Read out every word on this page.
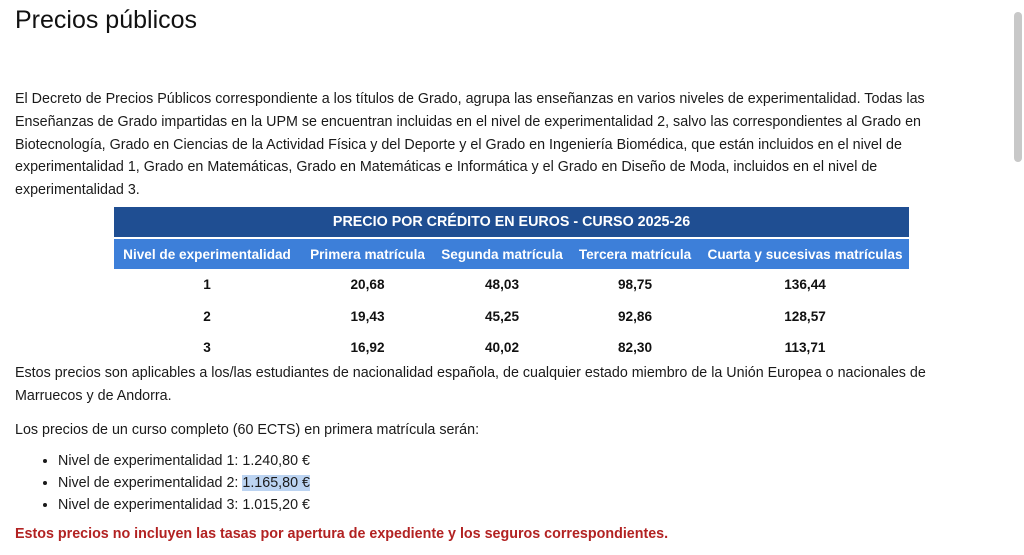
Precios públicos

El Decreto de Precios Públicos correspondiente a los títulos de Grado, agrupa las enseñanzas en varios niveles de experimentalidad. Todas las Enseñanzas de Grado impartidas en la UPM se encuentran incluidas en el nivel de experimentalidad 2, salvo las correspondientes al Grado en Biotecnología, Grado en Ciencias de la Actividad Física y del Deporte y el Grado en Ingeniería Biomédica, que están incluidos en el nivel de experimentalidad 1, Grado en Matemáticas, Grado en Matemáticas e Informática y el Grado en Diseño de Moda, incluidos en el nivel de experimentalidad 3.

PRECIO POR CRÉDITO EN EUROS - CURSO 2025-26				
Nivel de experimentalidad	Primera matrícula	Segunda matrícula	Tercera matrícula	Cuarta y sucesivas matrículas
1	20,68	48,03	98,75	136,44
2	19,43	45,25	92,86	128,57
3	16,92	40,02	82,30	113,71

Estos precios son aplicables a los/las estudiantes de nacionalidad española, de cualquier estado miembro de la Unión Europea o nacionales de Marruecos y de Andorra.

Los precios de un curso completo (60 ECTS) en primera matrícula serán:

• Nivel de experimentalidad 1: 1.240,80 €
• Nivel de experimentalidad 2: 1.165,80 €
• Nivel de experimentalidad 3: 1.015,20 €

Estos precios no incluyen las tasas por apertura de expediente y los seguros correspondientes.
